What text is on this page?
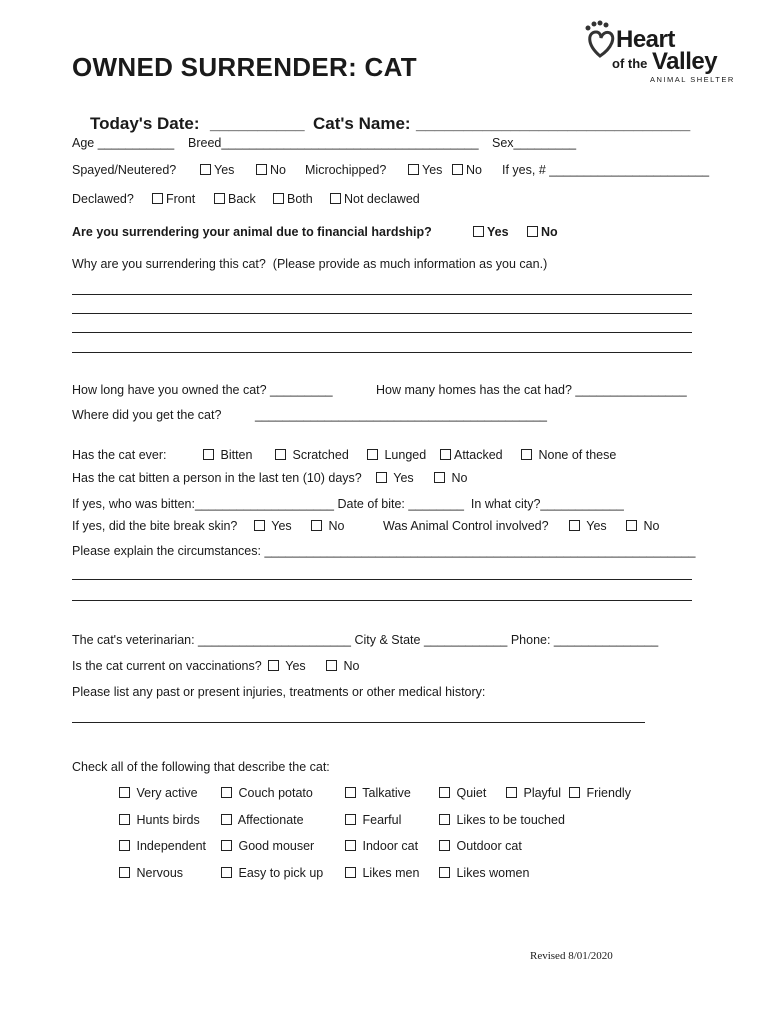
Heart
of the Valley
ANIMAL SHELTER
OWNED SURRENDER: CAT
Today's Date: __________ Cat's Name: _____________________________
Age ___________ Breed_____________________________________ Sex_________
Spayed/Neutered?	Yes	No Microchipped?	Yes	No If yes, # _______________________
Declawed?	Front	Back	Both	Not declawed
Are you surrendering your animal due to financial hardship?	Yes	No
Why are you surrendering this cat?  (Please provide as much information as you can.)
How long have you owned the cat? _________	How many homes has the cat had? ________________
Where did you get the cat?	__________________________________________
Has the cat ever:	Bitten	Scratched	Lunged	Attacked	None of these
Has the cat bitten a person in the last ten (10) days?	Yes	No
If yes, who was bitten:____________________ Date of bite: ________  In what city?____________
If yes, did the bite break skin?	Yes	No	Was Animal Control involved?	Yes	No
Please explain the circumstances: ______________________________________________________________
The cat's veterinarian: ______________________ City & State ____________ Phone: _______________
Is the cat current on vaccinations?	Yes	No
Please list any past or present injuries, treatments or other medical history:
Check all of the following that describe the cat:
Very active	Couch potato	Talkative	Quiet	Playful	Friendly
Hunts birds	Affectionate	Fearful	Likes to be touched
Independent	Good mouser	Indoor cat	Outdoor cat
Nervous	Easy to pick up	Likes men	Likes women
Revised 8/01/2020
